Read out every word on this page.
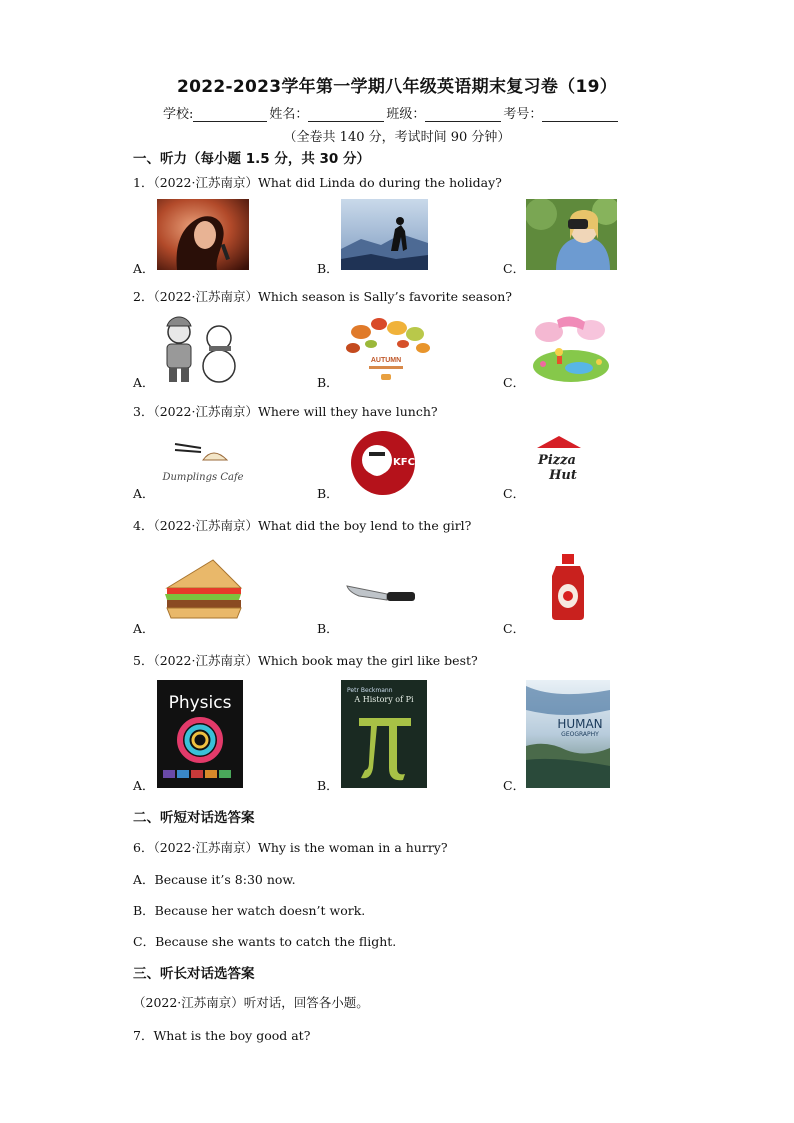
2022-2023学年第一学期八年级英语期末复习卷（19）
学校:	姓名：	班级：	考号：
（全卷共 140 分，考试时间 90 分钟）
一、听力（每小题 1.5 分，共 30 分）
1．（2022·江苏南京）What did Linda do during the holiday?
A．	B．	C．
2．（2022·江苏南京）Which season is Sally’s favorite season?
AUTUMN
A．	B．	C．
3．（2022·江苏南京）Where will they have lunch?
Dumplings Cafe
KFC	Pizza
Hut
A．	B．	C．
4．（2022·江苏南京）What did the boy lend to the girl?
A．	B．	C．
5．（2022·江苏南京）Which book may the girl like best?
Physics
Petr Beckmann
A History of Pi
HUMAN
GEOGRAPHY
A．	B．	C．
二、听短对话选答案
6．（2022·江苏南京）Why is the woman in a hurry?
A．Because it’s 8:30 now.
B．Because her watch doesn’t work.
C．Because she wants to catch the flight.
三、听长对话选答案
（2022·江苏南京）听对话，回答各小题。
7．What is the boy good at?
